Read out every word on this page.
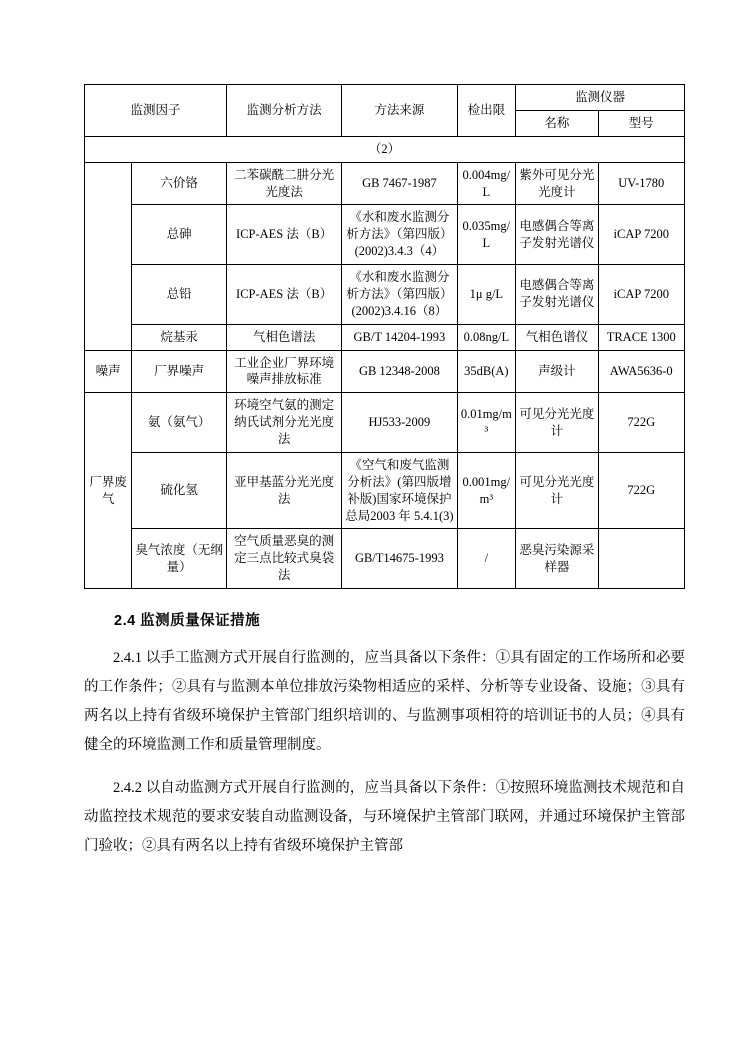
监测因子		监测分析方法	方法来源	检出限	监测仪器	
					名称	型号
（2）						
	六价铬	二苯碳酰二肼分光光度法	GB 7467-1987	0.004mg/L	紫外可见分光光度计	UV-1780
	总砷	ICP-AES 法（B）	《水和废水监测分析方法》（第四版）(2002)3.4.3（4）	0.035mg/L	电感偶合等离子发射光谱仪	iCAP 7200
	总铅	ICP-AES 法（B）	《水和废水监测分析方法》（第四版）(2002)3.4.16（8）	1μ g/L	电感偶合等离子发射光谱仪	iCAP 7200
	烷基汞	气相色谱法	GB/T 14204-1993	0.08ng/L	气相色谱仪	TRACE 1300
噪声	厂界噪声	工业企业厂界环境噪声排放标准	GB 12348-2008	35dB(A)	声级计	AWA5636-0
厂界废气	氨（氨气）	环境空气氨的测定纳氏试剂分光光度法	HJ533-2009	0.01mg/m³	可见分光光度计	722G
	硫化氢	亚甲基蓝分光光度法	《空气和废气监测分析法》(第四版增补版)国家环境保护总局2003 年 5.4.1(3)	0.001mg/m³	可见分光光度计	722G
	臭气浓度（无纲量）	空气质量恶臭的测定三点比较式臭袋法	GB/T14675-1993	/	恶臭污染源采样器	
2.4 监测质量保证措施

2.4.1 以手工监测方式开展自行监测的，应当具备以下条件：①具有固定的工作场所和必要的工作条件；②具有与监测本单位排放污染物相适应的采样、分析等专业设备、设施；③具有两名以上持有省级环境保护主管部门组织培训的、与监测事项相符的培训证书的人员；④具有健全的环境监测工作和质量管理制度。

2.4.2 以自动监测方式开展自行监测的，应当具备以下条件：①按照环境监测技术规范和自动监控技术规范的要求安装自动监测设备，与环境保护主管部门联网，并通过环境保护主管部门验收；②具有两名以上持有省级环境保护主管部
